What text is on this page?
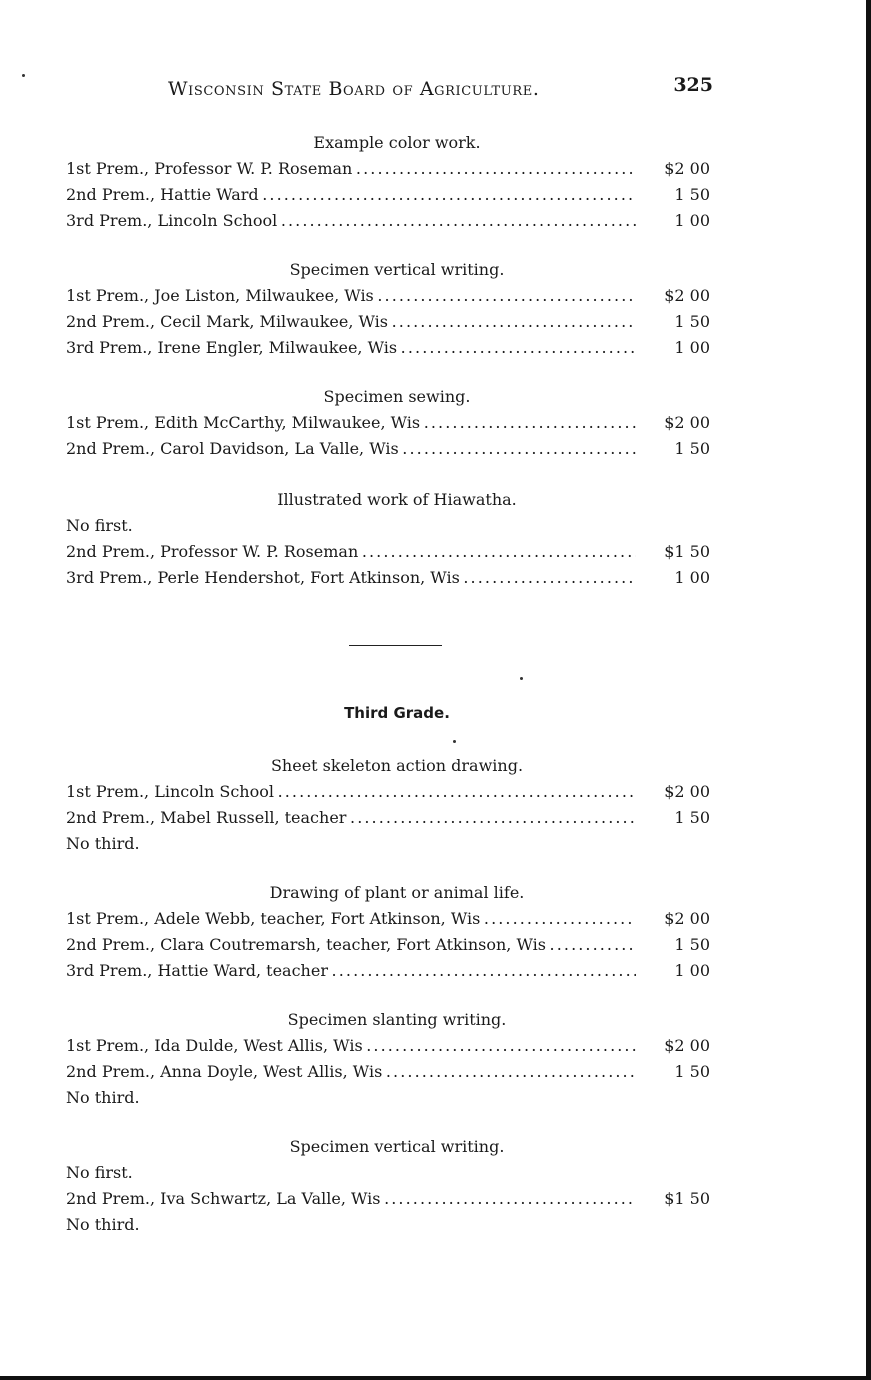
Wisconsin State Board of Agriculture.	325
Example color work.
1st Prem., Professor W. P. Roseman . . .	$2 00
2nd Prem., Hattie Ward . . .	1 50
3rd Prem., Lincoln School . . .	1 00
Specimen vertical writing.
1st Prem., Joe Liston, Milwaukee, Wis . . .	$2 00
2nd Prem., Cecil Mark, Milwaukee, Wis . . .	1 50
3rd Prem., Irene Engler, Milwaukee, Wis . . .	1 00
Specimen sewing.
1st Prem., Edith McCarthy, Milwaukee, Wis . . .	$2 00
2nd Prem., Carol Davidson, La Valle, Wis . . .	1 50
Illustrated work of Hiawatha.
No first.
2nd Prem., Professor W. P. Roseman . . .	$1 50
3rd Prem., Perle Hendershot, Fort Atkinson, Wis . . .	1 00
Third Grade.
Sheet skeleton action drawing.
1st Prem., Lincoln School . . .	$2 00
2nd Prem., Mabel Russell, teacher . . .	1 50
No third.
Drawing of plant or animal life.
1st Prem., Adele Webb, teacher, Fort Atkinson, Wis . . .	$2 00
2nd Prem., Clara Coutremarsh, teacher, Fort Atkinson, Wis . . .	1 50
3rd Prem., Hattie Ward, teacher . . .	1 00
Specimen slanting writing.
1st Prem., Ida Dulde, West Allis, Wis . . .	$2 00
2nd Prem., Anna Doyle, West Allis, Wis . . .	1 50
No third.
Specimen vertical writing.
No first.
2nd Prem., Iva Schwartz, La Valle, Wis . . .	$1 50
No third.
